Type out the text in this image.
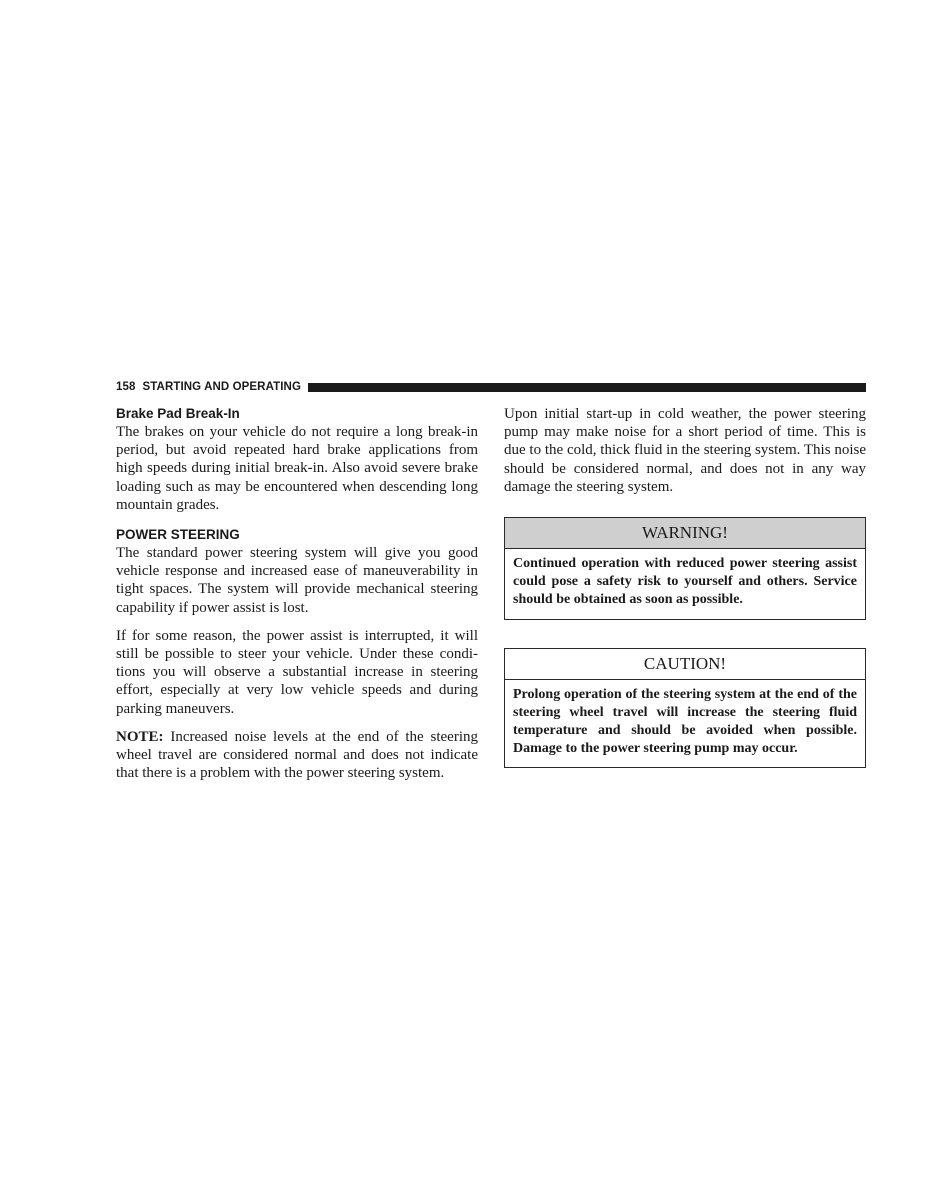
158 STARTING AND OPERATING
Brake Pad Break-In

The brakes on your vehicle do not require a long break-in period, but avoid repeated hard brake applications from high speeds during initial break-in. Also avoid severe brake loading such as may be encountered when descending long mountain grades.

POWER STEERING

The standard power steering system will give you good vehicle response and increased ease of maneuverability in tight spaces. The system will provide mechanical steering capability if power assist is lost.

If for some reason, the power assist is interrupted, it will still be possible to steer your vehicle. Under these conditions you will observe a substantial increase in steering effort, especially at very low vehicle speeds and during parking maneuvers.

NOTE: Increased noise levels at the end of the steering wheel travel are considered normal and does not indicate that there is a problem with the power steering system.

Upon initial start-up in cold weather, the power steering pump may make noise for a short period of time. This is due to the cold, thick fluid in the steering system. This noise should be considered normal, and does not in any way damage the steering system.

WARNING!
Continued operation with reduced power steering assist could pose a safety risk to yourself and others. Service should be obtained as soon as possible.
CAUTION!
Prolong operation of the steering system at the end of the steering wheel travel will increase the steering fluid temperature and should be avoided when possible. Damage to the power steering pump may occur.
